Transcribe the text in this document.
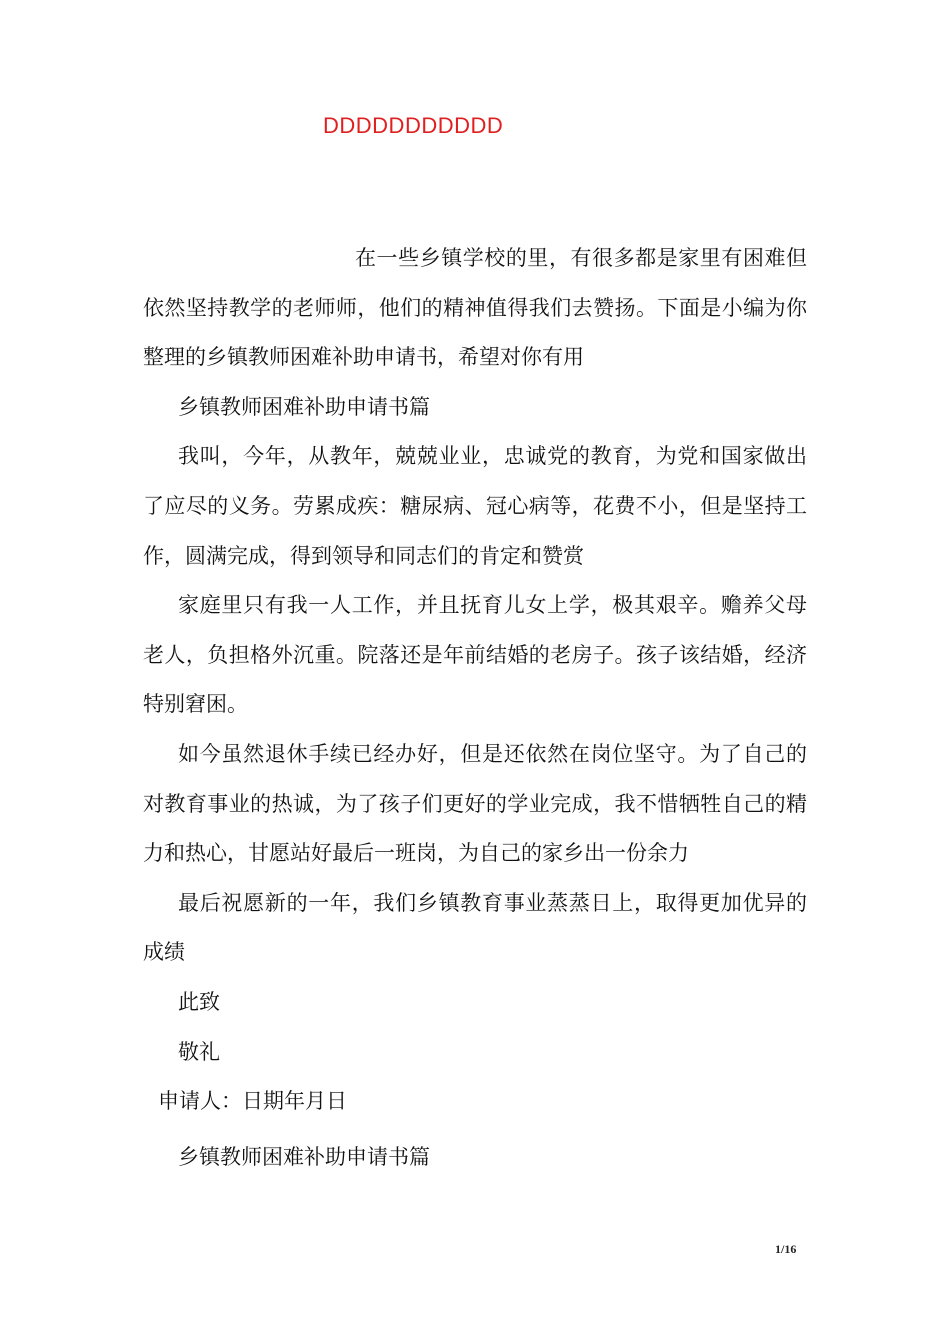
DDDDDDDDDDD

在一些乡镇学校的里，有很多都是家里有困难但依然坚持教学的老师师，他们的精神值得我们去赞扬。下面是小编为你整理的乡镇教师困难补助申请书，希望对你有用

乡镇教师困难补助申请书篇

我叫，今年，从教年，兢兢业业，忠诚党的教育，为党和国家做出了应尽的义务。劳累成疾：糖尿病、冠心病等，花费不小，但是坚持工作，圆满完成，得到领导和同志们的肯定和赞赏

家庭里只有我一人工作，并且抚育儿女上学，极其艰辛。赡养父母老人，负担格外沉重。院落还是年前结婚的老房子。孩子该结婚，经济特别窘困。

如今虽然退休手续已经办好，但是还依然在岗位坚守。为了自己的对教育事业的热诚，为了孩子们更好的学业完成，我不惜牺牲自己的精力和热心，甘愿站好最后一班岗，为自己的家乡出一份余力

最后祝愿新的一年，我们乡镇教育事业蒸蒸日上，取得更加优异的成绩

此致

敬礼

申请人：日期年月日

乡镇教师困难补助申请书篇

1/16
